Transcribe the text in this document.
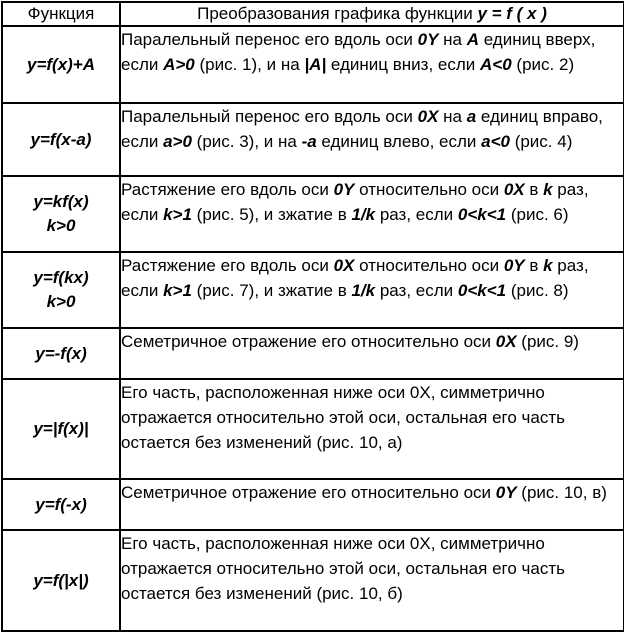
Функция	Преобразования графика функции y = f ( x )

y=f(x)+A	Паралельный перенос его вдоль оси 0Y на A единиц вверх, если A>0 (рис. 1), и на |A| единиц вниз, если A<0 (рис. 2)

y=f(x-a)	Паралельный перенос его вдоль оси 0X на a единиц вправо, если a>0 (рис. 3), и на -a единиц влево, если a<0 (рис. 4)

y=kf(x)
k>0	Растяжение его вдоль оси 0Y относительно оси 0X в k раз, если k>1 (рис. 5), и зжатие в 1/k раз, если 0<k<1 (рис. 6)

y=f(kx)
k>0	Растяжение его вдоль оси 0X относительно оси 0Y в k раз, если k>1 (рис. 7), и зжатие в 1/k раз, если 0<k<1 (рис. 8)

y=-f(x)	Семетричное отражение его относительно оси 0X (рис. 9)

y=|f(x)|	Его часть, расположенная ниже оси 0X, симметрично отражается относительно этой оси, остальная его часть остается без изменений (рис. 10, а)

y=f(-x)	Семетричное отражение его относительно оси 0Y (рис. 10, в)

y=f(|x|)	Его часть, расположенная ниже оси 0X, симметрично отражается относительно этой оси, остальная его часть остается без изменений (рис. 10, б)
